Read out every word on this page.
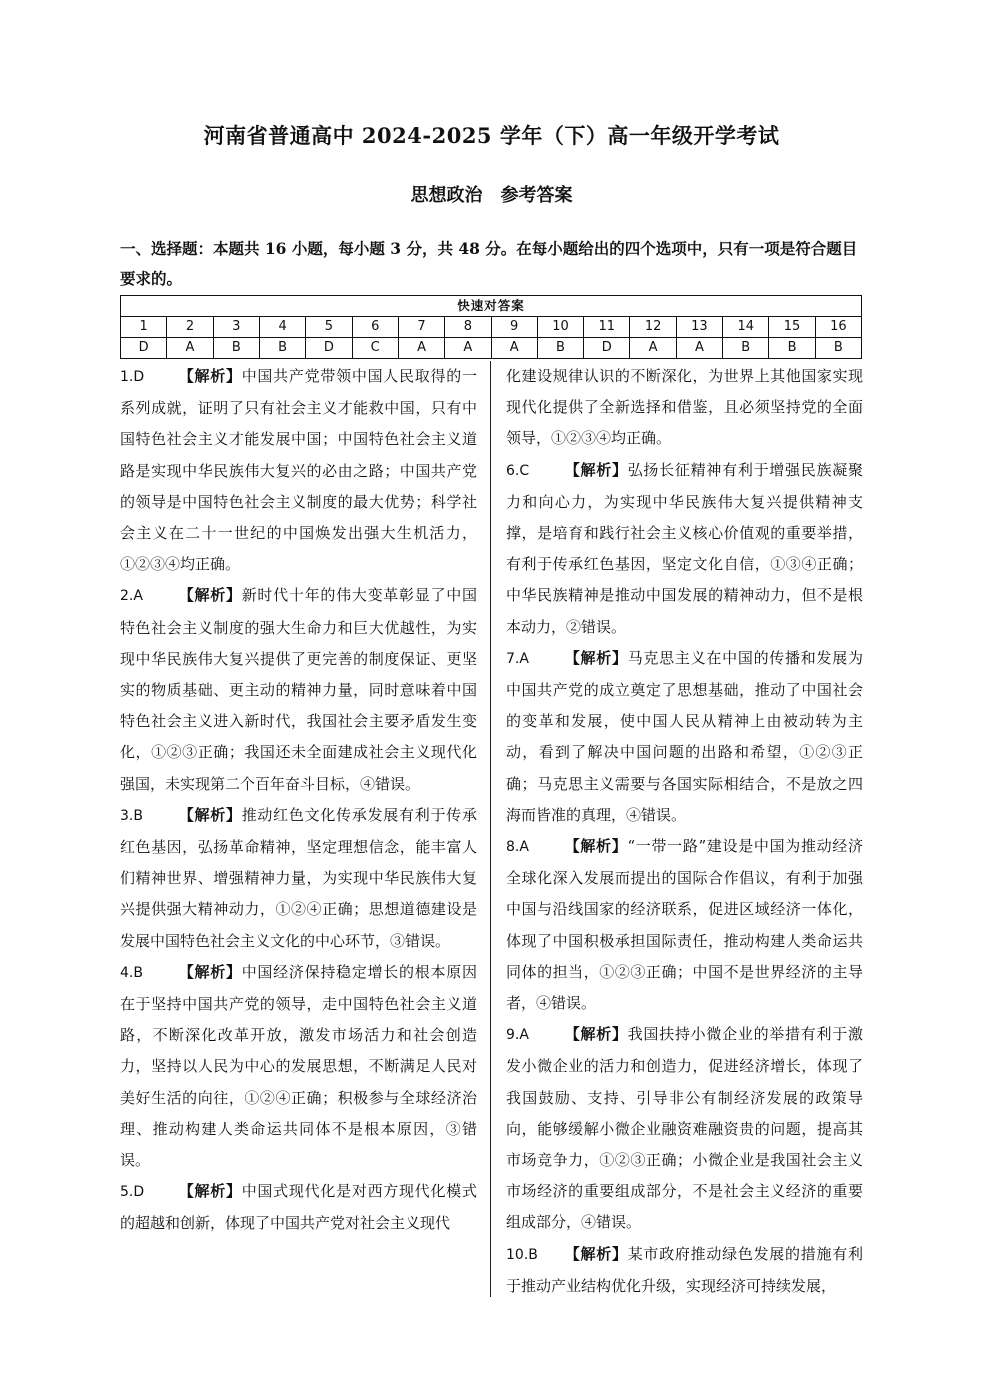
河南省普通高中 2024-2025 学年（下）高一年级开学考试
思想政治　参考答案
一、选择题：本题共 16 小题，每小题 3 分，共 48 分。在每小题给出的四个选项中，只有一项是符合题目要求的。
快速对答案															
1	2	3	4	5	6	7	8	9	10	11	12	13	14	15	16
D	A	B	B	D	C	A	A	A	B	D	A	A	B	B	B

1.D 【解析】中国共产党带领中国人民取得的一系列成就，证明了只有社会主义才能救中国，只有中国特色社会主义才能发展中国；中国特色社会主义道路是实现中华民族伟大复兴的必由之路；中国共产党的领导是中国特色社会主义制度的最大优势；科学社会主义在二十一世纪的中国焕发出强大生机活力，①②③④均正确。

2.A 【解析】新时代十年的伟大变革彰显了中国特色社会主义制度的强大生命力和巨大优越性，为实现中华民族伟大复兴提供了更完善的制度保证、更坚实的物质基础、更主动的精神力量，同时意味着中国特色社会主义进入新时代，我国社会主要矛盾发生变化，①②③正确；我国还未全面建成社会主义现代化强国，未实现第二个百年奋斗目标，④错误。

3.B 【解析】推动红色文化传承发展有利于传承红色基因，弘扬革命精神，坚定理想信念，能丰富人们精神世界、增强精神力量，为实现中华民族伟大复兴提供强大精神动力，①②④正确；思想道德建设是发展中国特色社会主义文化的中心环节，③错误。

4.B 【解析】中国经济保持稳定增长的根本原因在于坚持中国共产党的领导，走中国特色社会主义道路，不断深化改革开放，激发市场活力和社会创造力，坚持以人民为中心的发展思想，不断满足人民对美好生活的向往，①②④正确；积极参与全球经济治理、推动构建人类命运共同体不是根本原因，③错误。

5.D 【解析】中国式现代化是对西方现代化模式的超越和创新，体现了中国共产党对社会主义现代

化建设规律认识的不断深化，为世界上其他国家实现现代化提供了全新选择和借鉴，且必须坚持党的全面领导，①②③④均正确。

6.C 【解析】弘扬长征精神有利于增强民族凝聚力和向心力，为实现中华民族伟大复兴提供精神支撑，是培育和践行社会主义核心价值观的重要举措，有利于传承红色基因，坚定文化自信，①③④正确；中华民族精神是推动中国发展的精神动力，但不是根本动力，②错误。

7.A 【解析】马克思主义在中国的传播和发展为中国共产党的成立奠定了思想基础，推动了中国社会的变革和发展，使中国人民从精神上由被动转为主动，看到了解决中国问题的出路和希望，①②③正确；马克思主义需要与各国实际相结合，不是放之四海而皆准的真理，④错误。

8.A 【解析】“一带一路”建设是中国为推动经济全球化深入发展而提出的国际合作倡议，有利于加强中国与沿线国家的经济联系，促进区域经济一体化，体现了中国积极承担国际责任，推动构建人类命运共同体的担当，①②③正确；中国不是世界经济的主导者，④错误。

9.A 【解析】我国扶持小微企业的举措有利于激发小微企业的活力和创造力，促进经济增长，体现了我国鼓励、支持、引导非公有制经济发展的政策导向，能够缓解小微企业融资难融资贵的问题，提高其市场竞争力，①②③正确；小微企业是我国社会主义市场经济的重要组成部分，不是社会主义经济的重要组成部分，④错误。

10.B 【解析】某市政府推动绿色发展的措施有利于推动产业结构优化升级，实现经济可持续发展，
